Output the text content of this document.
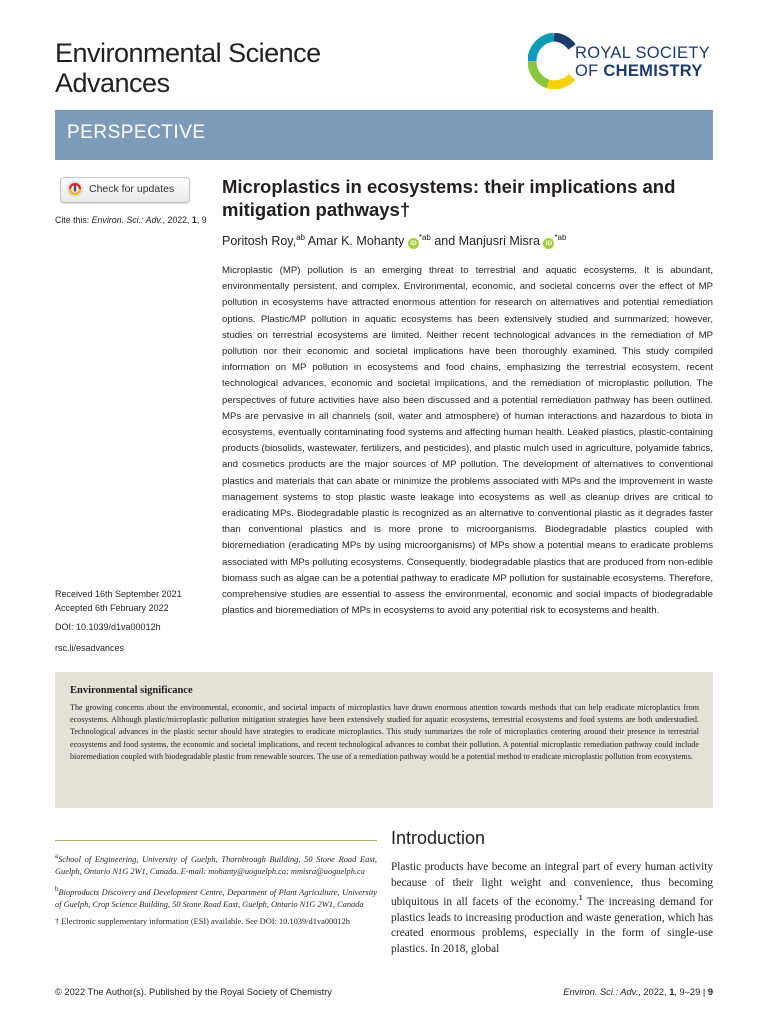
Environmental Science
Advances
ROYAL SOCIETY
OF CHEMISTRY
PERSPECTIVE
Check for updates
Cite this: Environ. Sci.: Adv., 2022, 1, 9
Microplastics in ecosystems: their implications and mitigation pathways†
Poritosh Roy,$^{ab}$ Amar K. Mohanty $iD^{*ab}$ and Manjusri Misra $iD^{*ab}$
Microplastic (MP) pollution is an emerging threat to terrestrial and aquatic ecosystems. It is abundant, environmentally persistent, and complex. Environmental, economic, and societal concerns over the effect of MP pollution in ecosystems have attracted enormous attention for research on alternatives and potential remediation options. Plastic/MP pollution in aquatic ecosystems has been extensively studied and summarized; however, studies on terrestrial ecosystems are limited. Neither recent technological advances in the remediation of MP pollution nor their economic and societal implications have been thoroughly examined. This study compiled information on MP pollution in ecosystems and food chains, emphasizing the terrestrial ecosystem, recent technological advances, economic and societal implications, and the remediation of microplastic pollution. The perspectives of future activities have also been discussed and a potential remediation pathway has been outlined. MPs are pervasive in all channels (soil, water and atmosphere) of human interactions and hazardous to biota in ecosystems, eventually contaminating food systems and affecting human health. Leaked plastics, plastic-containing products (biosolids, wastewater, fertilizers, and pesticides), and plastic mulch used in agriculture, polyamide fabrics, and cosmetics products are the major sources of MP pollution. The development of alternatives to conventional plastics and materials that can abate or minimize the problems associated with MPs and the improvement in waste management systems to stop plastic waste leakage into ecosystems as well as cleanup drives are critical to eradicating MPs. Biodegradable plastic is recognized as an alternative to conventional plastic as it degrades faster than conventional plastics and is more prone to microorganisms. Biodegradable plastics coupled with bioremediation (eradicating MPs by using microorganisms) of MPs show a potential means to eradicate problems associated with MPs polluting ecosystems. Consequently, biodegradable plastics that are produced from non-edible biomass such as algae can be a potential pathway to eradicate MP pollution for sustainable ecosystems. Therefore, comprehensive studies are essential to assess the environmental, economic and social impacts of biodegradable plastics and bioremediation of MPs in ecosystems to avoid any potential risk to ecosystems and health.
Received 16th September 2021
Accepted 6th February 2022
DOI: 10.1039/d1va00012h
rsc.li/esadvances
Environmental significance
The growing concerns about the environmental, economic, and societal impacts of microplastics have drawn enormous attention towards methods that can help eradicate microplastics from ecosystems. Although plastic/microplastic pollution mitigation strategies have been extensively studied for aquatic ecosystems, terrestrial ecosystems and food systems are both understudied. Technological advances in the plastic sector should have strategies to eradicate microplastics. This study summarizes the role of microplastics centering around their presence in terrestrial ecosystems and food systems, the economic and societal implications, and recent technological advances to combat their pollution. A potential microplastic remediation pathway could include bioremediation coupled with biodegradable plastic from renewable sources. The use of a remediation pathway would be a potential method to eradicate microplastic pollution from ecosystems.

$^a$School of Engineering, University of Guelph, Thornbrough Building, 50 Stone Road East, Guelph, Ontario N1G 2W1, Canada. E-mail: mohanty@uoguelph.ca; mmisra@uoguelph.ca

$^b$Bioproducts Discovery and Development Centre, Department of Plant Agriculture, University of Guelph, Crop Science Building, 50 Stone Road East, Guelph, Ontario N1G 2W1, Canada

† Electronic supplementary information (ESI) available. See DOI: 10.1039/d1va00012h

Introduction
Plastic products have become an integral part of every human activity because of their light weight and convenience, thus becoming ubiquitous in all facets of the economy.$^1$ The increasing demand for plastics leads to increasing production and waste generation, which has created enormous problems, especially in the form of single-use plastics. In 2018, global
© 2022 The Author(s). Published by the Royal Society of Chemistry	Environ. Sci.: Adv., 2022, 1, 9–29 | 9
